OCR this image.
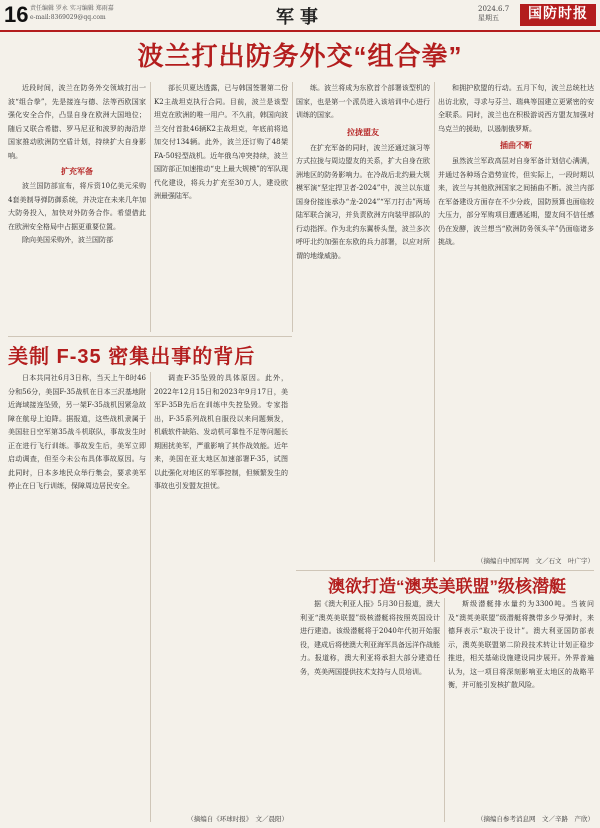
16 责任编辑 罗永 实习编辑 郑雨嘉
e-mail:8369029@qq.com	军事	2024.6.7
星期五	国防时报
波兰打出防务外交“组合拳”

近段时间，波兰在防务外交领域打出一波“组合拳”，先是接连与德、法等西欧国家强化安全合作，凸显自身在欧洲大国地位；随后又联合希腊、罗马尼亚和波罗的海沿岸国家推动欧洲防空盾计划，持续扩大自身影响。

扩充军备

波兰国防部宣布，将斥资10亿美元采购4套美制导弹防御系统，并决定在未来几年加大防务投入，加快对外防务合作。希望借此在欧洲安全格局中占据更重要位置。

除向美国采购外，波兰国防部

部长贝夏达透露，已与韩国签署第二份K2主战坦克执行合同。目前，波兰是该型坦克在欧洲的唯一用户。不久前，韩国向波兰交付首批46辆K2主战坦克，年底前将追加交付134辆。此外，波兰还订购了48架FA-50轻型战机。近年俄乌冲突持续，波兰国防部正加速推动“史上最大规模”的军队现代化建设，将兵力扩充至30万人，建设欧洲最强陆军。

练。波兰将成为东欧首个部署该型机的国家，也是第一个派员进入该培训中心进行训练的国家。

拉拢盟友

在扩充军备的同时，波兰还通过演习等方式拉拢与周边盟友的关系，扩大自身在欧洲地区的防务影响力。在冷战后北约最大规模军演“坚定捍卫者-2024”中，波兰以东道国身份接连承办“龙-2024”“军刀打击”两场陆军联合演习，并负责欧洲方向装甲部队的行动指挥。作为北约东翼桥头堡，波兰多次呼吁北约加强在东欧的兵力部署，以应对所谓的地缘威胁。

和拥护欧盟的行动。五月下旬，波兰总统杜达出访北欧，寻求与芬兰、瑞典等国建立更紧密的安全联系。同时，波兰也在积极游说西方盟友加强对乌克兰的援助，以遏制俄罗斯。

插曲不断

虽然波兰军政高层对自身军备计划信心满满，并通过各种场合造势宣传，但实际上，一段时期以来，波兰与其他欧洲国家之间插曲不断。波兰内部在军备建设方面存在不少分歧，国防预算也面临较大压力，部分军购项目遭遇延期，盟友间不信任感仍在发酵，波兰想当“欧洲防务领头羊”仍面临诸多挑战。

（摘编自中国军网　文／石文　叶广宇）
美制 F-35 密集出事的背后

日本共同社6月3日称，当天上午8时46分和56分，美国F-35战机在日本三沢基地附近海域接连坠毁，另一架F-35战机因紧急故障在航母上迫降。据报道，这些战机隶属于美国驻日空军第35战斗机联队，事故发生时正在进行飞行训练。事故发生后，美军立即启动调查，但至今未公布具体事故原因。与此同时，日本多地民众举行集会，要求美军停止在日飞行训练，保障周边居民安全。

调查F-35坠毁的具体原因。此外，2022年12月15日和2023年9月17日，美军F-35B先后在训练中失控坠毁。专家指出，F-35系列战机自服役以来问题频发，机载软件缺陷、发动机可靠性不足等问题长期困扰美军，严重影响了其作战效能。近年来，美国在亚太地区加速部署F-35，试图以此强化对地区的军事控制，但频繁发生的事故也引发盟友担忧。

（摘编自《环球时报》　文／晨阳）
澳欲打造“澳英美联盟”级核潜艇

据《澳大利亚人报》5月30日报道，澳大利亚“澳英美联盟”级核潜艇将按照英国设计进行建造。该级潜艇将于2040年代初开始服役，建成后将使澳大利亚海军具备远洋作战能力。报道称，澳大利亚将承担大部分建造任务，英美两国提供技术支持与人员培训。

斯级潜艇排水量约为3300吨。当被问及“澳英美联盟”级潜艇将携带多少导弹时，来德拜表示“取决于设计”。澳大利亚国防部表示，澳英美联盟第二阶段技术转让计划正稳步推进，相关基础设施建设同步展开。外界普遍认为，这一项目将深刻影响亚太地区的战略平衡，并可能引发核扩散风险。

（摘编自参考消息网　文／辛路　产欣）
